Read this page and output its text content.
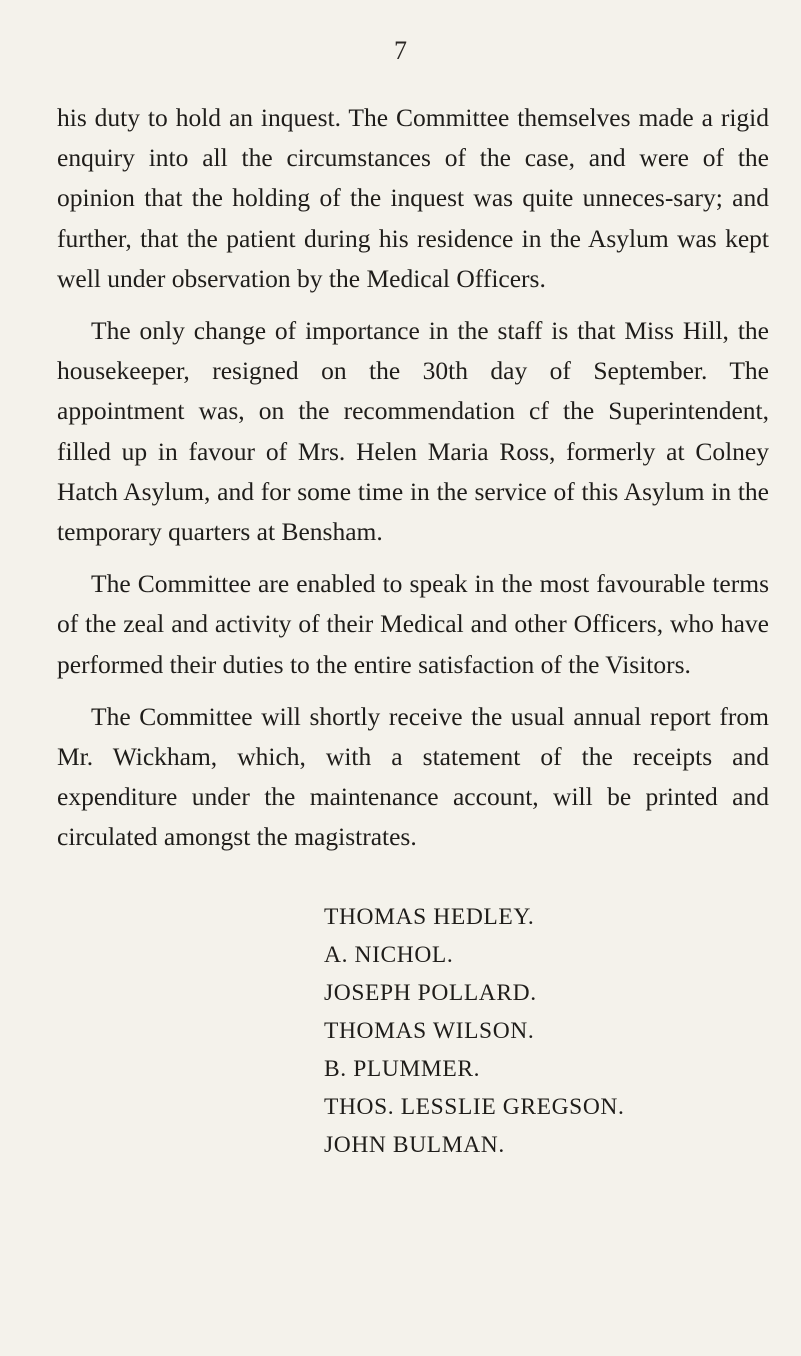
7

his duty to hold an inquest. The Committee themselves made a rigid enquiry into all the circumstances of the case, and were of the opinion that the holding of the inquest was quite unneces-sary; and further, that the patient during his residence in the Asylum was kept well under observation by the Medical Officers.

The only change of importance in the staff is that Miss Hill, the housekeeper, resigned on the 30th day of September. The appointment was, on the recommendation cf the Superintendent, filled up in favour of Mrs. Helen Maria Ross, formerly at Colney Hatch Asylum, and for some time in the service of this Asylum in the temporary quarters at Bensham.

The Committee are enabled to speak in the most favourable terms of the zeal and activity of their Medical and other Officers, who have performed their duties to the entire satisfaction of the Visitors.

The Committee will shortly receive the usual annual report from Mr. Wickham, which, with a statement of the receipts and expenditure under the maintenance account, will be printed and circulated amongst the magistrates.

THOMAS HEDLEY.
A. NICHOL.
JOSEPH POLLARD.
THOMAS WILSON.
B. PLUMMER.
THOS. LESSLIE GREGSON.
JOHN BULMAN.
